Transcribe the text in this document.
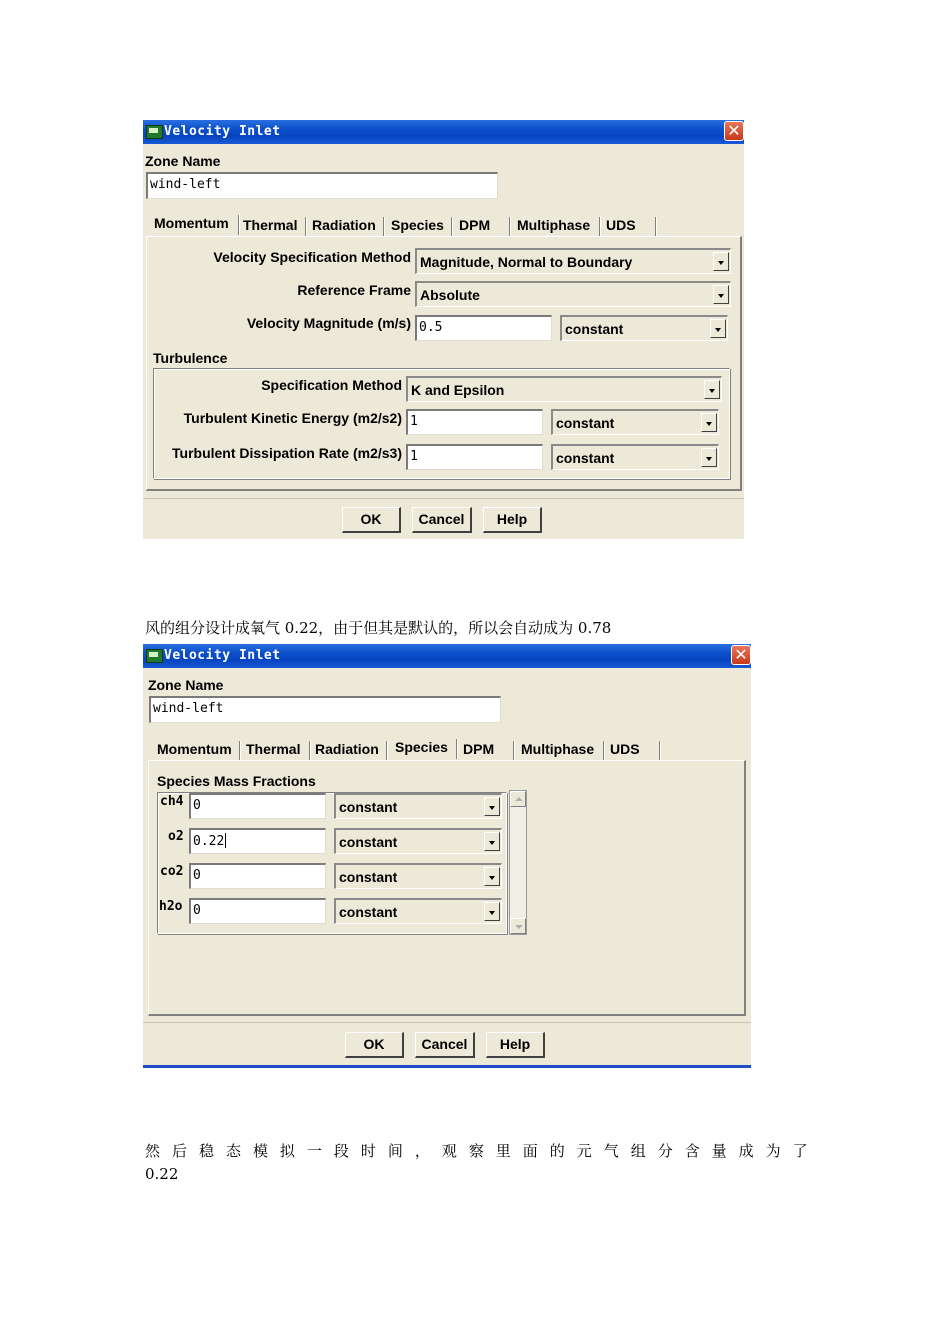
Velocity Inlet	✕
Zone Name
wind-left
Momentum Thermal Radiation Species DPM Multiphase UDS
Velocity Specification Method Magnitude, Normal to Boundary
Reference Frame Absolute
Velocity Magnitude (m/s) 0.5	constant
Turbulence
Specification Method K and Epsilon
Turbulent Kinetic Energy (m2/s2) 1	constant
Turbulent Dissipation Rate (m2/s3) 1	constant
OK	Cancel	Help
风的组分设计成氧气 0.22，由于但其是默认的，所以会自动成为 0.78
Velocity Inlet	✕
Zone Name
wind-left
Momentum Thermal Radiation Species DPM Multiphase UDS
Species Mass Fractions
ch4 0	constant
o2 0.22	constant
co2 0	constant
h2o 0	constant
OK	Cancel	Help
然 后 稳 态 模 拟 一 段 时 间 ， 观 察 里 面 的 元 气 组 分 含 量 成 为 了
0.22
